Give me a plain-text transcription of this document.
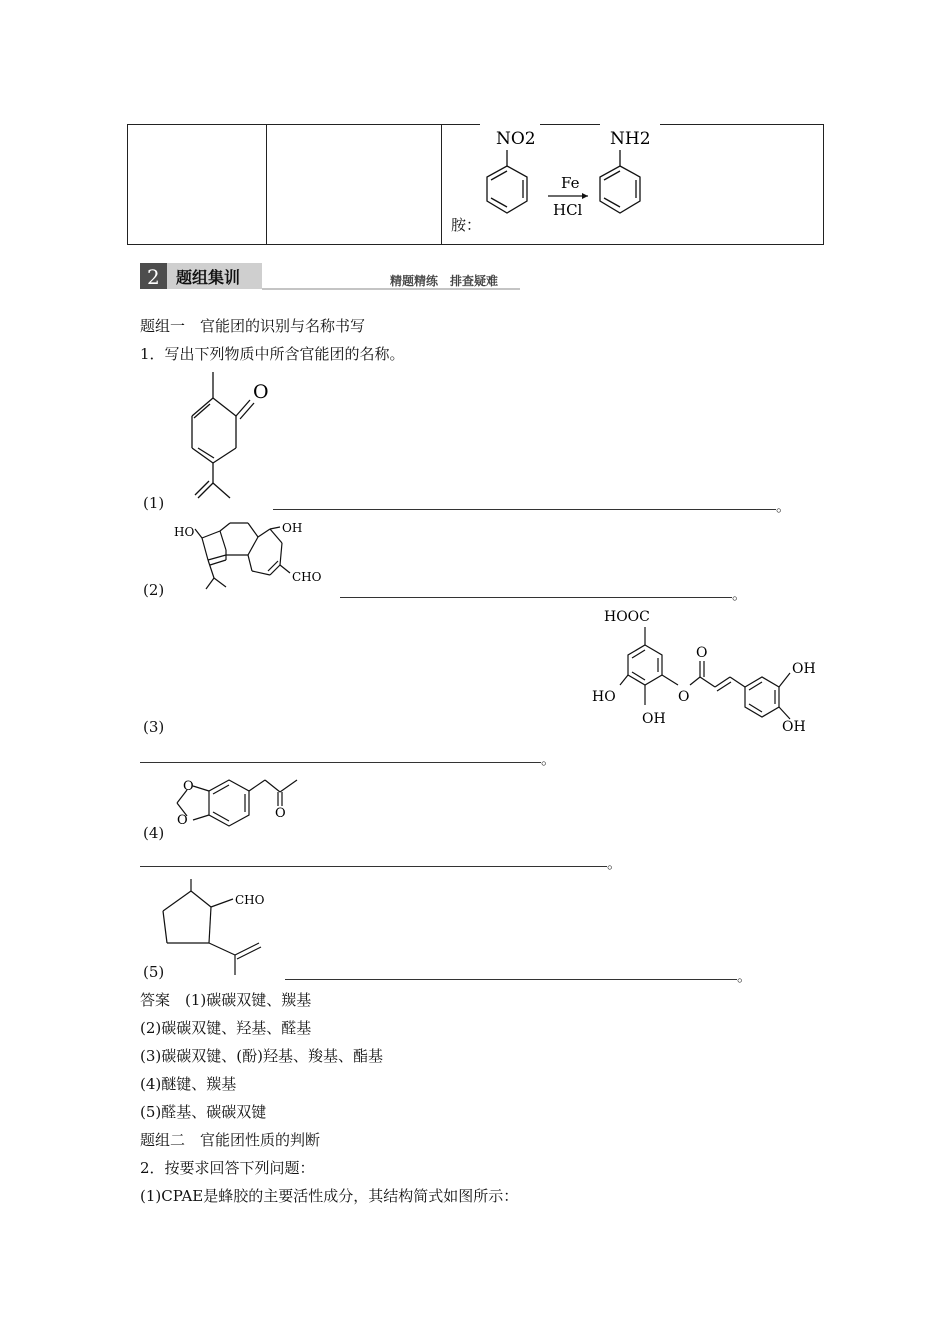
胺：
NO2
Fe
HCl
NH2
2 题组集训	精题精练　排查疑难
题组一　官能团的识别与名称书写
1．写出下列物质中所含官能团的名称。
O
(1)	。
HO	OH
CHO
(2)	。
HOOC
O
O
OH
HO
OH	OH
(3)
。
O
O	O
(4)
。
CHO
(5)	。
答案　(1)碳碳双键、羰基
(2)碳碳双键、羟基、醛基
(3)碳碳双键、(酚)羟基、羧基、酯基
(4)醚键、羰基
(5)醛基、碳碳双键
题组二　官能团性质的判断
2．按要求回答下列问题：
(1)CPAE是蜂胶的主要活性成分，其结构简式如图所示：
